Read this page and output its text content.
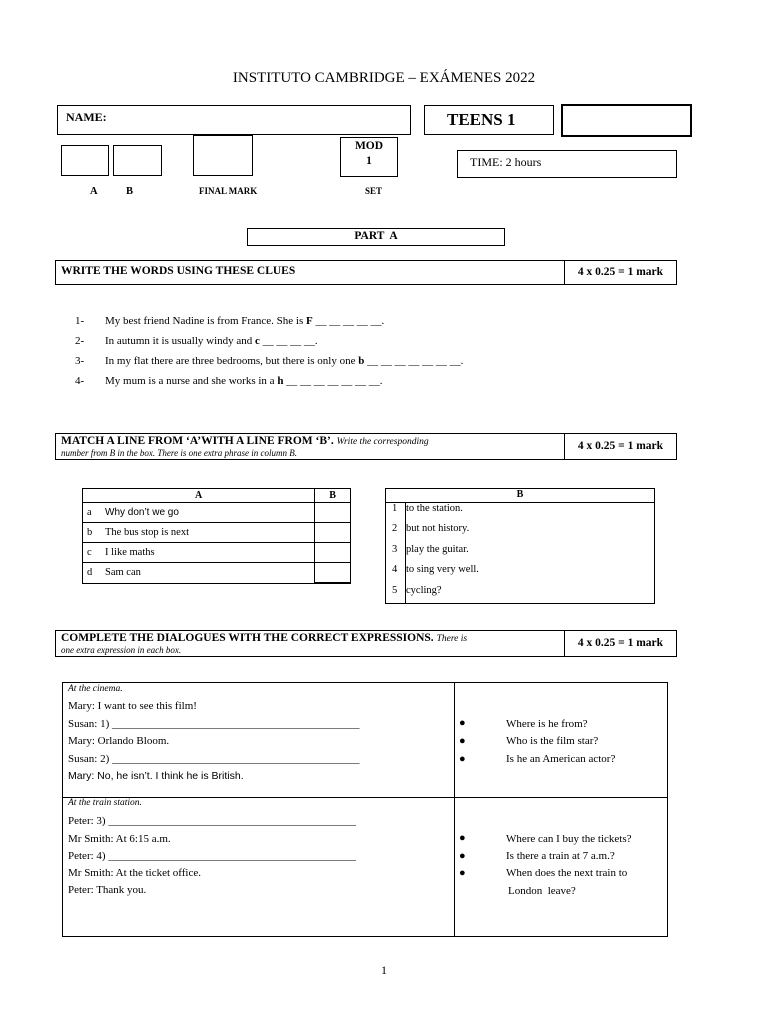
INSTITUTO CAMBRIDGE – EXÁMENES 2022
NAME:	TEENS 1
MOD
1	TIME: 2 hours
A	B	FINAL MARK	SET
PART  A
WRITE THE WORDS USING THESE CLUES	4 x 0.25 = 1 mark
1- My best friend Nadine is from France. She is F __ __ __ __ __.
2- In autumn it is usually windy and c __ __ __ __.
3- In my flat there are three bedrooms, but there is only one b __ __ __ __ __ __ __.
4- My mum is a nurse and she works in a h __ __ __ __ __ __ __.
MATCH A LINE FROM ‘A’WITH A LINE FROM ‘B’. Write the corresponding
number from B in the box. There is one extra phrase in column B.
4 x 0.25 = 1 mark
A	B
a Why don’t we go	
b The bus stop is next	
c I like maths	
d Sam can	
B
1 to the station.
2 but not history.
3 play the guitar.
4 to sing very well.
5 cycling?
COMPLETE THE DIALOGUES WITH THE CORRECT EXPRESSIONS. There is
one extra expression in each box.
4 x 0.25 = 1 mark
At the cinema.
Mary: I want to see this film!
Susan: 1) _____________________________________________
Mary: Orlando Bloom.
Susan: 2) _____________________________________________
Mary: No, he isn’t. I think he is British.
●	Where is he from?
●	Who is the film star?
●	Is he an American actor?
At the train station.
Peter: 3) _____________________________________________
Mr Smith: At 6:15 a.m.
Peter: 4) _____________________________________________
Mr Smith: At the ticket office.
Peter: Thank you.
●	Where can I buy the tickets?
●	Is there a train at 7 a.m.?
●	When does the next train to
London  leave?
1
